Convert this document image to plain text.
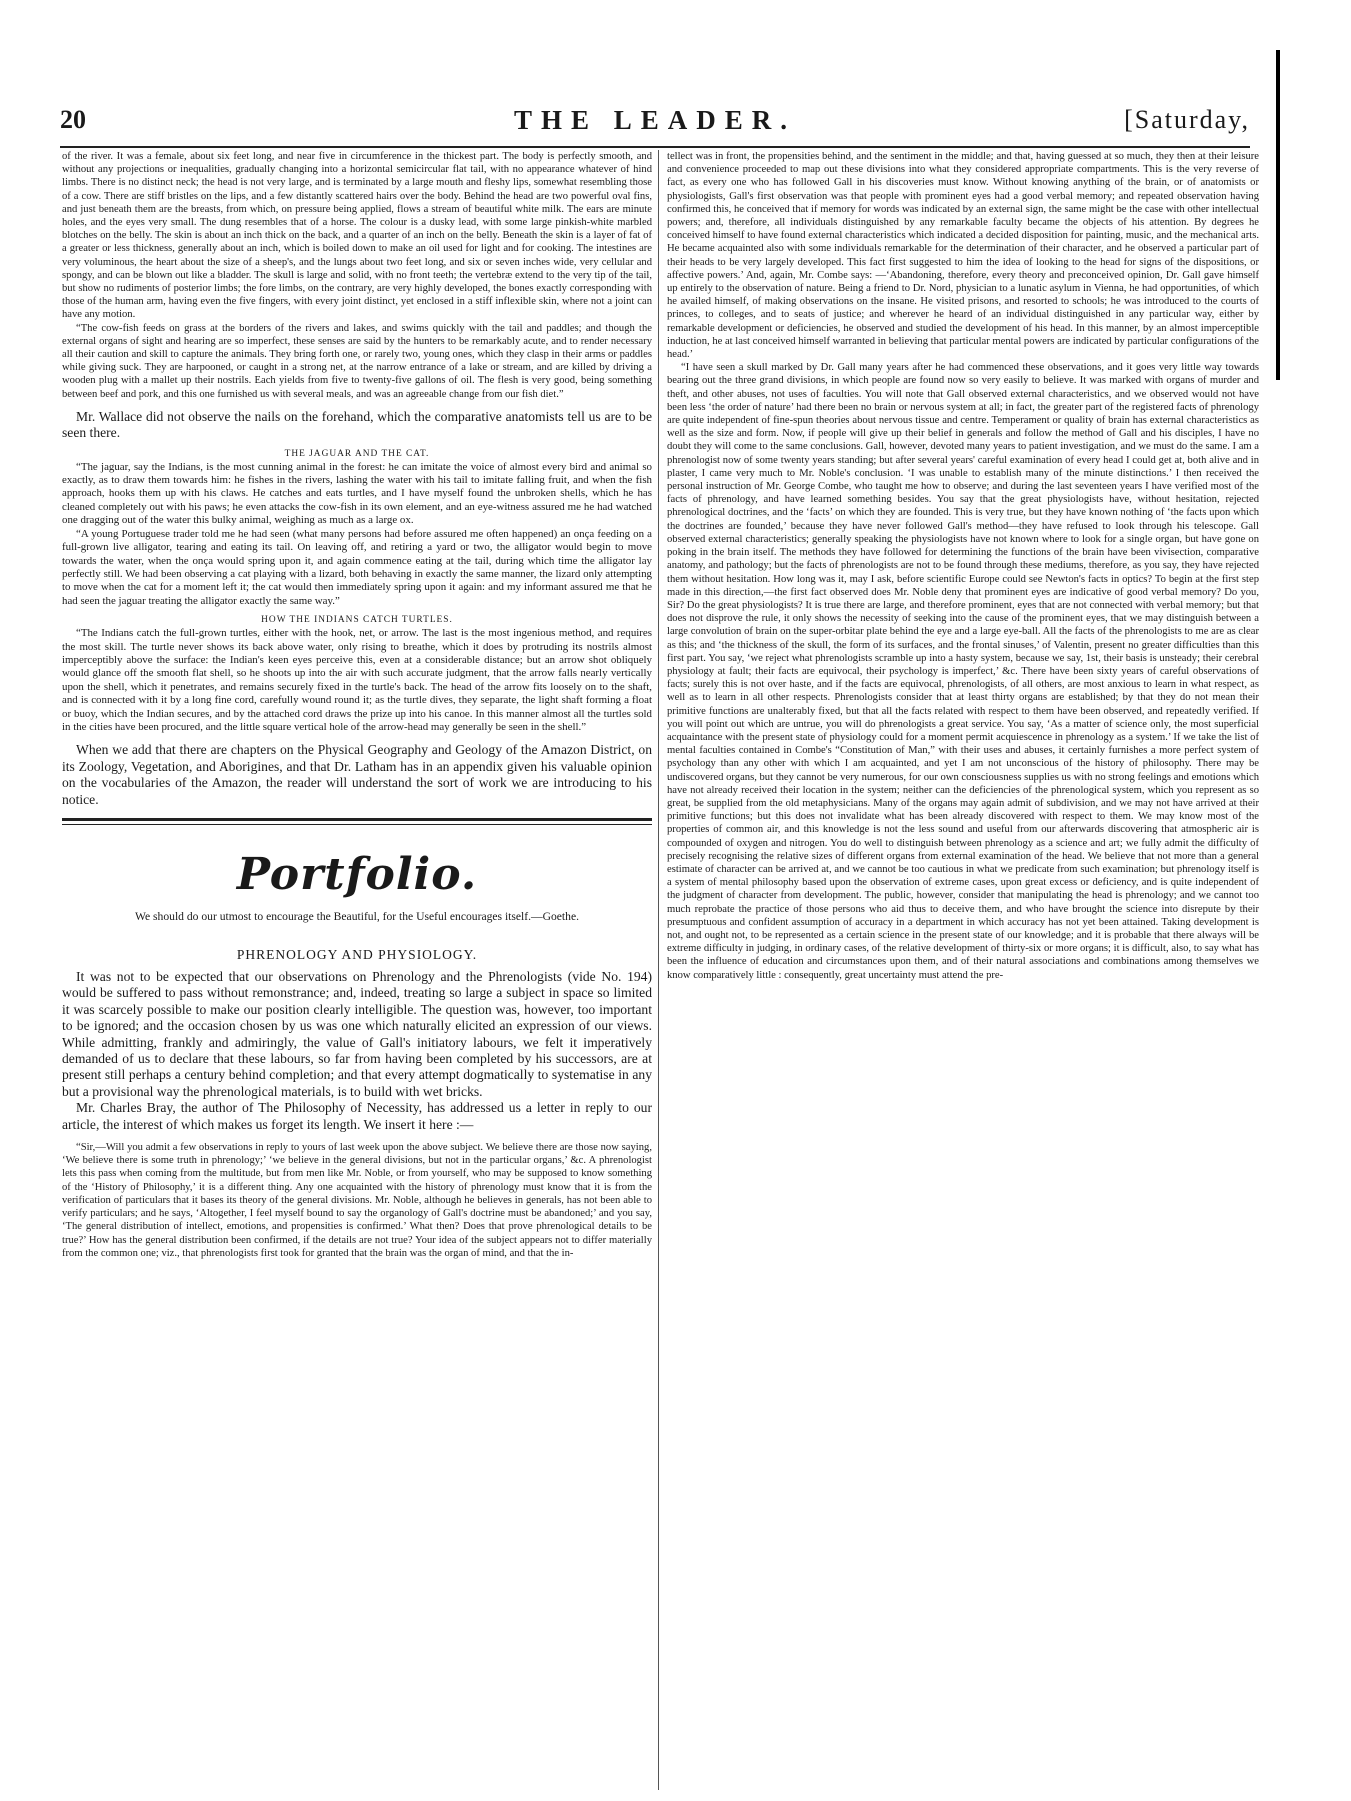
20	THE LEADER.	[Saturday,

of the river. It was a female, about six feet long, and near five in circumference in the thickest part. The body is perfectly smooth, and without any projections or inequalities, gradually changing into a horizontal semicircular flat tail, with no appearance whatever of hind limbs. There is no distinct neck; the head is not very large, and is terminated by a large mouth and fleshy lips, somewhat resembling those of a cow. There are stiff bristles on the lips, and a few distantly scattered hairs over the body. Behind the head are two powerful oval fins, and just beneath them are the breasts, from which, on pressure being applied, flows a stream of beautiful white milk. The ears are minute holes, and the eyes very small. The dung resembles that of a horse. The colour is a dusky lead, with some large pinkish-white marbled blotches on the belly. The skin is about an inch thick on the back, and a quarter of an inch on the belly. Beneath the skin is a layer of fat of a greater or less thickness, generally about an inch, which is boiled down to make an oil used for light and for cooking. The intestines are very voluminous, the heart about the size of a sheep's, and the lungs about two feet long, and six or seven inches wide, very cellular and spongy, and can be blown out like a bladder. The skull is large and solid, with no front teeth; the vertebræ extend to the very tip of the tail, but show no rudiments of posterior limbs; the fore limbs, on the contrary, are very highly developed, the bones exactly corresponding with those of the human arm, having even the five fingers, with every joint distinct, yet enclosed in a stiff inflexible skin, where not a joint can have any motion.

“The cow-fish feeds on grass at the borders of the rivers and lakes, and swims quickly with the tail and paddles; and though the external organs of sight and hearing are so imperfect, these senses are said by the hunters to be remarkably acute, and to render necessary all their caution and skill to capture the animals. They bring forth one, or rarely two, young ones, which they clasp in their arms or paddles while giving suck. They are harpooned, or caught in a strong net, at the narrow entrance of a lake or stream, and are killed by driving a wooden plug with a mallet up their nostrils. Each yields from five to twenty-five gallons of oil. The flesh is very good, being something between beef and pork, and this one furnished us with several meals, and was an agreeable change from our fish diet.”

Mr. Wallace did not observe the nails on the forehand, which the comparative anatomists tell us are to be seen there.

THE JAGUAR AND THE CAT.

“The jaguar, say the Indians, is the most cunning animal in the forest: he can imitate the voice of almost every bird and animal so exactly, as to draw them towards him: he fishes in the rivers, lashing the water with his tail to imitate falling fruit, and when the fish approach, hooks them up with his claws. He catches and eats turtles, and I have myself found the unbroken shells, which he has cleaned completely out with his paws; he even attacks the cow-fish in its own element, and an eye-witness assured me he had watched one dragging out of the water this bulky animal, weighing as much as a large ox.

“A young Portuguese trader told me he had seen (what many persons had before assured me often happened) an onça feeding on a full-grown live alligator, tearing and eating its tail. On leaving off, and retiring a yard or two, the alligator would begin to move towards the water, when the onça would spring upon it, and again commence eating at the tail, during which time the alligator lay perfectly still. We had been observing a cat playing with a lizard, both behaving in exactly the same manner, the lizard only attempting to move when the cat for a moment left it; the cat would then immediately spring upon it again: and my informant assured me that he had seen the jaguar treating the alligator exactly the same way.”

HOW THE INDIANS CATCH TURTLES.

“The Indians catch the full-grown turtles, either with the hook, net, or arrow. The last is the most ingenious method, and requires the most skill. The turtle never shows its back above water, only rising to breathe, which it does by protruding its nostrils almost imperceptibly above the surface: the Indian's keen eyes perceive this, even at a considerable distance; but an arrow shot obliquely would glance off the smooth flat shell, so he shoots up into the air with such accurate judgment, that the arrow falls nearly vertically upon the shell, which it penetrates, and remains securely fixed in the turtle's back. The head of the arrow fits loosely on to the shaft, and is connected with it by a long fine cord, carefully wound round it; as the turtle dives, they separate, the light shaft forming a float or buoy, which the Indian secures, and by the attached cord draws the prize up into his canoe. In this manner almost all the turtles sold in the cities have been procured, and the little square vertical hole of the arrow-head may generally be seen in the shell.”

When we add that there are chapters on the Physical Geography and Geology of the Amazon District, on its Zoology, Vegetation, and Aborigines, and that Dr. Latham has in an appendix given his valuable opinion on the vocabularies of the Amazon, the reader will understand the sort of work we are introducing to his notice.

Portfolio.
We should do our utmost to encourage the Beautiful, for the Useful encourages itself.—Goethe.
PHRENOLOGY AND PHYSIOLOGY.

It was not to be expected that our observations on Phrenology and the Phrenologists (vide No. 194) would be suffered to pass without remonstrance; and, indeed, treating so large a subject in space so limited it was scarcely possible to make our position clearly intelligible. The question was, however, too important to be ignored; and the occasion chosen by us was one which naturally elicited an expression of our views. While admitting, frankly and admiringly, the value of Gall's initiatory labours, we felt it imperatively demanded of us to declare that these labours, so far from having been completed by his successors, are at present still perhaps a century behind completion; and that every attempt dogmatically to systematise in any but a provisional way the phrenological materials, is to build with wet bricks.

Mr. Charles Bray, the author of The Philosophy of Necessity, has addressed us a letter in reply to our article, the interest of which makes us forget its length. We insert it here :—

“Sir,—Will you admit a few observations in reply to yours of last week upon the above subject. We believe there are those now saying, ‘We believe there is some truth in phrenology;’ ‘we believe in the general divisions, but not in the particular organs,’ &c. A phrenologist lets this pass when coming from the multitude, but from men like Mr. Noble, or from yourself, who may be supposed to know something of the ‘History of Philosophy,’ it is a different thing. Any one acquainted with the history of phrenology must know that it is from the verification of particulars that it bases its theory of the general divisions. Mr. Noble, although he believes in generals, has not been able to verify particulars; and he says, ‘Altogether, I feel myself bound to say the organology of Gall's doctrine must be abandoned;’ and you say, ‘The general distribution of intellect, emotions, and propensities is confirmed.’ What then? Does that prove phrenological details to be true?’ How has the general distribution been confirmed, if the details are not true? Your idea of the subject appears not to differ materially from the common one; viz., that phrenologists first took for granted that the brain was the organ of mind, and that the in-

tellect was in front, the propensities behind, and the sentiment in the middle; and that, having guessed at so much, they then at their leisure and convenience proceeded to map out these divisions into what they considered appropriate compartments. This is the very reverse of fact, as every one who has followed Gall in his discoveries must know. Without knowing anything of the brain, or of anatomists or physiologists, Gall's first observation was that people with prominent eyes had a good verbal memory; and repeated observation having confirmed this, he conceived that if memory for words was indicated by an external sign, the same might be the case with other intellectual powers; and, therefore, all individuals distinguished by any remarkable faculty became the objects of his attention. By degrees he conceived himself to have found external characteristics which indicated a decided disposition for painting, music, and the mechanical arts. He became acquainted also with some individuals remarkable for the determination of their character, and he observed a particular part of their heads to be very largely developed. This fact first suggested to him the idea of looking to the head for signs of the dispositions, or affective powers.’ And, again, Mr. Combe says: —‘Abandoning, therefore, every theory and preconceived opinion, Dr. Gall gave himself up entirely to the observation of nature. Being a friend to Dr. Nord, physician to a lunatic asylum in Vienna, he had opportunities, of which he availed himself, of making observations on the insane. He visited prisons, and resorted to schools; he was introduced to the courts of princes, to colleges, and to seats of justice; and wherever he heard of an individual distinguished in any particular way, either by remarkable development or deficiencies, he observed and studied the development of his head. In this manner, by an almost imperceptible induction, he at last conceived himself warranted in believing that particular mental powers are indicated by particular configurations of the head.’

“I have seen a skull marked by Dr. Gall many years after he had commenced these observations, and it goes very little way towards bearing out the three grand divisions, in which people are found now so very easily to believe. It was marked with organs of murder and theft, and other abuses, not uses of faculties. You will note that Gall observed external characteristics, and we observed would not have been less ‘the order of nature’ had there been no brain or nervous system at all; in fact, the greater part of the registered facts of phrenology are quite independent of fine-spun theories about nervous tissue and centre. Temperament or quality of brain has external characteristics as well as the size and form. Now, if people will give up their belief in generals and follow the method of Gall and his disciples, I have no doubt they will come to the same conclusions. Gall, however, devoted many years to patient investigation, and we must do the same. I am a phrenologist now of some twenty years standing; but after several years' careful examination of every head I could get at, both alive and in plaster, I came very much to Mr. Noble's conclusion. ‘I was unable to establish many of the minute distinctions.’ I then received the personal instruction of Mr. George Combe, who taught me how to observe; and during the last seventeen years I have verified most of the facts of phrenology, and have learned something besides. You say that the great physiologists have, without hesitation, rejected phrenological doctrines, and the ‘facts’ on which they are founded. This is very true, but they have known nothing of ‘the facts upon which the doctrines are founded,’ because they have never followed Gall's method—they have refused to look through his telescope. Gall observed external characteristics; generally speaking the physiologists have not known where to look for a single organ, but have gone on poking in the brain itself. The methods they have followed for determining the functions of the brain have been vivisection, comparative anatomy, and pathology; but the facts of phrenologists are not to be found through these mediums, therefore, as you say, they have rejected them without hesitation. How long was it, may I ask, before scientific Europe could see Newton's facts in optics? To begin at the first step made in this direction,—the first fact observed does Mr. Noble deny that prominent eyes are indicative of good verbal memory? Do you, Sir? Do the great physiologists? It is true there are large, and therefore prominent, eyes that are not connected with verbal memory; but that does not disprove the rule, it only shows the necessity of seeking into the cause of the prominent eyes, that we may distinguish between a large convolution of brain on the super-orbitar plate behind the eye and a large eye-ball. All the facts of the phrenologists to me are as clear as this; and ‘the thickness of the skull, the form of its surfaces, and the frontal sinuses,’ of Valentin, present no greater difficulties than this first part. You say, ‘we reject what phrenologists scramble up into a hasty system, because we say, 1st, their basis is unsteady; their cerebral physiology at fault; their facts are equivocal, their psychology is imperfect,’ &c. There have been sixty years of careful observations of facts; surely this is not over haste, and if the facts are equivocal, phrenologists, of all others, are most anxious to learn in what respect, as well as to learn in all other respects. Phrenologists consider that at least thirty organs are established; by that they do not mean their primitive functions are unalterably fixed, but that all the facts related with respect to them have been observed, and repeatedly verified. If you will point out which are untrue, you will do phrenologists a great service. You say, ‘As a matter of science only, the most superficial acquaintance with the present state of physiology could for a moment permit acquiescence in phrenology as a system.’ If we take the list of mental faculties contained in Combe's “Constitution of Man,” with their uses and abuses, it certainly furnishes a more perfect system of psychology than any other with which I am acquainted, and yet I am not unconscious of the history of philosophy. There may be undiscovered organs, but they cannot be very numerous, for our own consciousness supplies us with no strong feelings and emotions which have not already received their location in the system; neither can the deficiencies of the phrenological system, which you represent as so great, be supplied from the old metaphysicians. Many of the organs may again admit of subdivision, and we may not have arrived at their primitive functions; but this does not invalidate what has been already discovered with respect to them. We may know most of the properties of common air, and this knowledge is not the less sound and useful from our afterwards discovering that atmospheric air is compounded of oxygen and nitrogen. You do well to distinguish between phrenology as a science and art; we fully admit the difficulty of precisely recognising the relative sizes of different organs from external examination of the head. We believe that not more than a general estimate of character can be arrived at, and we cannot be too cautious in what we predicate from such examination; but phrenology itself is a system of mental philosophy based upon the observation of extreme cases, upon great excess or deficiency, and is quite independent of the judgment of character from development. The public, however, consider that manipulating the head is phrenology; and we cannot too much reprobate the practice of those persons who aid thus to deceive them, and who have brought the science into disrepute by their presumptuous and confident assumption of accuracy in a department in which accuracy has not yet been attained. Taking development is not, and ought not, to be represented as a certain science in the present state of our knowledge; and it is probable that there always will be extreme difficulty in judging, in ordinary cases, of the relative development of thirty-six or more organs; it is difficult, also, to say what has been the influence of education and circumstances upon them, and of their natural associations and combinations among themselves we know comparatively little : consequently, great uncertainty must attend the pre-
